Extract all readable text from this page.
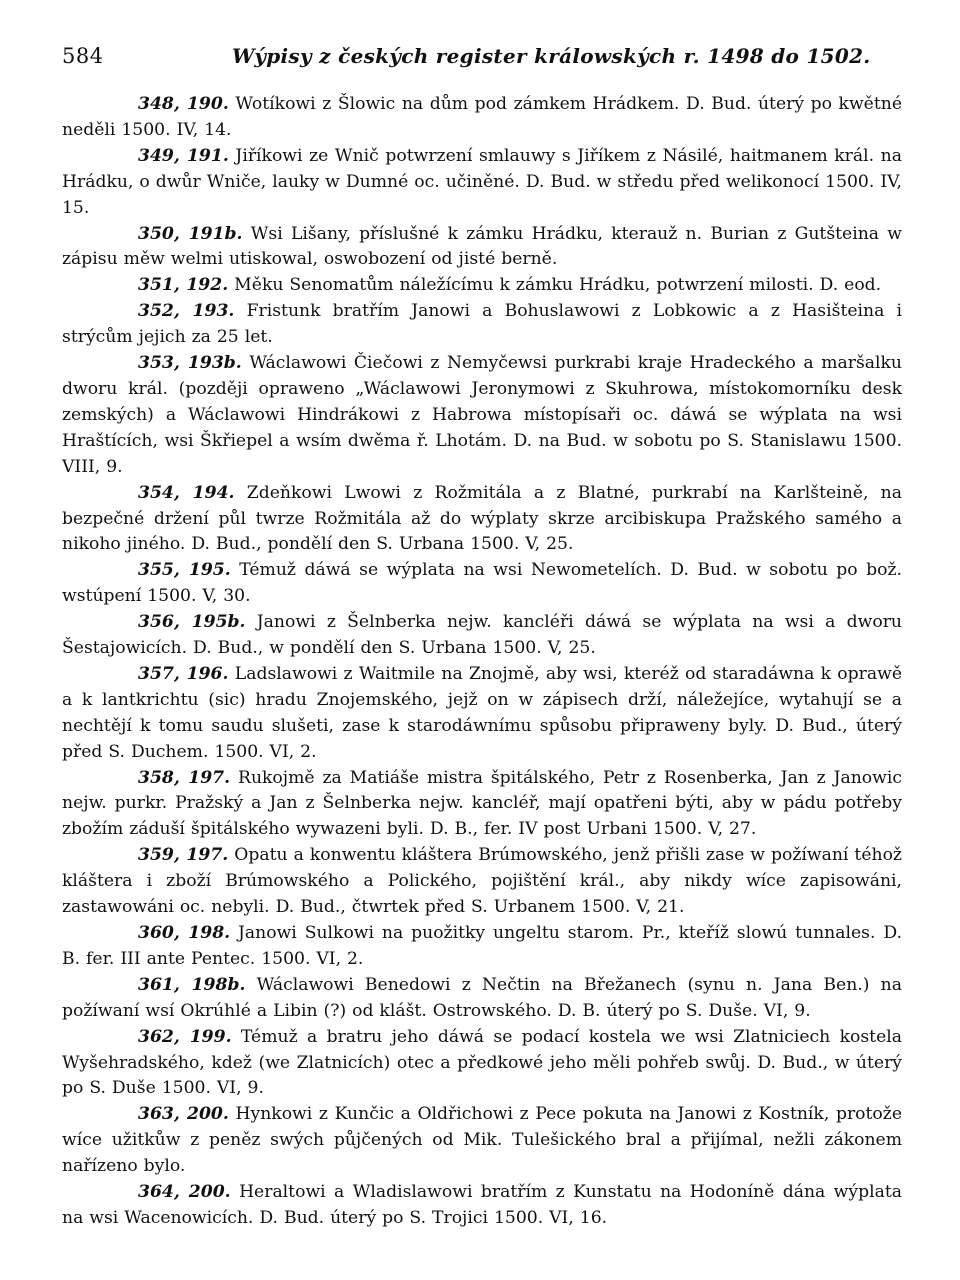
584	Wýpisy z českých register králowských r. 1498 do 1502.

348, 190. Wotíkowi z Šlowic na dům pod zámkem Hrádkem. D. Bud. úterý po kwětné neděli 1500. IV, 14.

349, 191. Jiříkowi ze Wnič potwrzení smlauwy s Jiříkem z Násilé, haitmanem král. na Hrádku, o dwůr Wniče, lauky w Dumné oc. učiněné. D. Bud. w středu před welikonocí 1500. IV, 15.

350, 191b. Wsi Lišany, příslušné k zámku Hrádku, kterauž n. Burian z Gutšteina w zápisu měw welmi utiskowal, oswobození od jisté berně.

351, 192. Měku Senomatům náležícímu k zámku Hrádku, potwrzení milosti. D. eod.

352, 193. Fristunk bratřím Janowi a Bohuslawowi z Lobkowic a z Hasišteina i strýcům jejich za 25 let.

353, 193b. Wáclawowi Čiečowi z Nemyčewsi purkrabi kraje Hradeckého a maršalku dworu král. (později opraweno „Wáclawowi Jeronymowi z Skuhrowa, místokomorníku desk zemských) a Wáclawowi Hindrákowi z Habrowa místopísaři oc. dáwá se wýplata na wsi Hraštících, wsi Škřiepel a wsím dwěma ř. Lhotám. D. na Bud. w sobotu po S. Stanislawu 1500. VIII, 9.

354, 194. Zdeňkowi Lwowi z Rožmitála a z Blatné, purkrabí na Karlšteině, na bezpečné držení půl twrze Rožmitála až do wýplaty skrze arcibiskupa Pražského samého a nikoho jiného. D. Bud., pondělí den S. Urbana 1500. V, 25.

355, 195. Témuž dáwá se wýplata na wsi Newometelích. D. Bud. w sobotu po bož. wstúpení 1500. V, 30.

356, 195b. Janowi z Šelnberka nejw. kancléři dáwá se wýplata na wsi a dworu Šestajowicích. D. Bud., w pondělí den S. Urbana 1500. V, 25.

357, 196. Ladslawowi z Waitmile na Znojmě, aby wsi, kteréž od staradáwna k oprawě a k lantkrichtu (sic) hradu Znojemského, jejž on w zápisech drží, náležejíce, wytahují se a nechtějí k tomu saudu slušeti, zase k starodáwnímu spůsobu připraweny byly. D. Bud., úterý před S. Duchem. 1500. VI, 2.

358, 197. Rukojmě za Matiáše mistra špitálského, Petr z Rosenberka, Jan z Janowic nejw. purkr. Pražský a Jan z Šelnberka nejw. kancléř, mají opatřeni býti, aby w pádu potřeby zbožím záduší špitálského wywazeni byli. D. B., fer. IV post Urbani 1500. V, 27.

359, 197. Opatu a konwentu kláštera Brúmowského, jenž přišli zase w požíwaní téhož kláštera i zboží Brúmowského a Polického, pojištění král., aby nikdy wíce zapisowáni, zastawowáni oc. nebyli. D. Bud., čtwrtek před S. Urbanem 1500. V, 21.

360, 198. Janowi Sulkowi na puožitky ungeltu starom. Pr., kteříž slowú tunnales. D. B. fer. III ante Pentec. 1500. VI, 2.

361, 198b. Wáclawowi Benedowi z Nečtin na Břežanech (synu n. Jana Ben.) na požíwaní wsí Okrúhlé a Libin (?) od klášt. Ostrowského. D. B. úterý po S. Duše. VI, 9.

362, 199. Témuž a bratru jeho dáwá se podací kostela we wsi Zlatniciech kostela Wyšehradského, kdež (we Zlatnicích) otec a předkowé jeho měli pohřeb swůj. D. Bud., w úterý po S. Duše 1500. VI, 9.

363, 200. Hynkowi z Kunčic a Oldřichowi z Pece pokuta na Janowi z Kostník, protože wíce užitkůw z peněz swých půjčených od Mik. Tulešického bral a přijímal, nežli zákonem nařízeno bylo.

364, 200. Heraltowi a Wladislawowi bratřím z Kunstatu na Hodoníně dána wýplata na wsi Wacenowicích. D. Bud. úterý po S. Trojici 1500. VI, 16.
